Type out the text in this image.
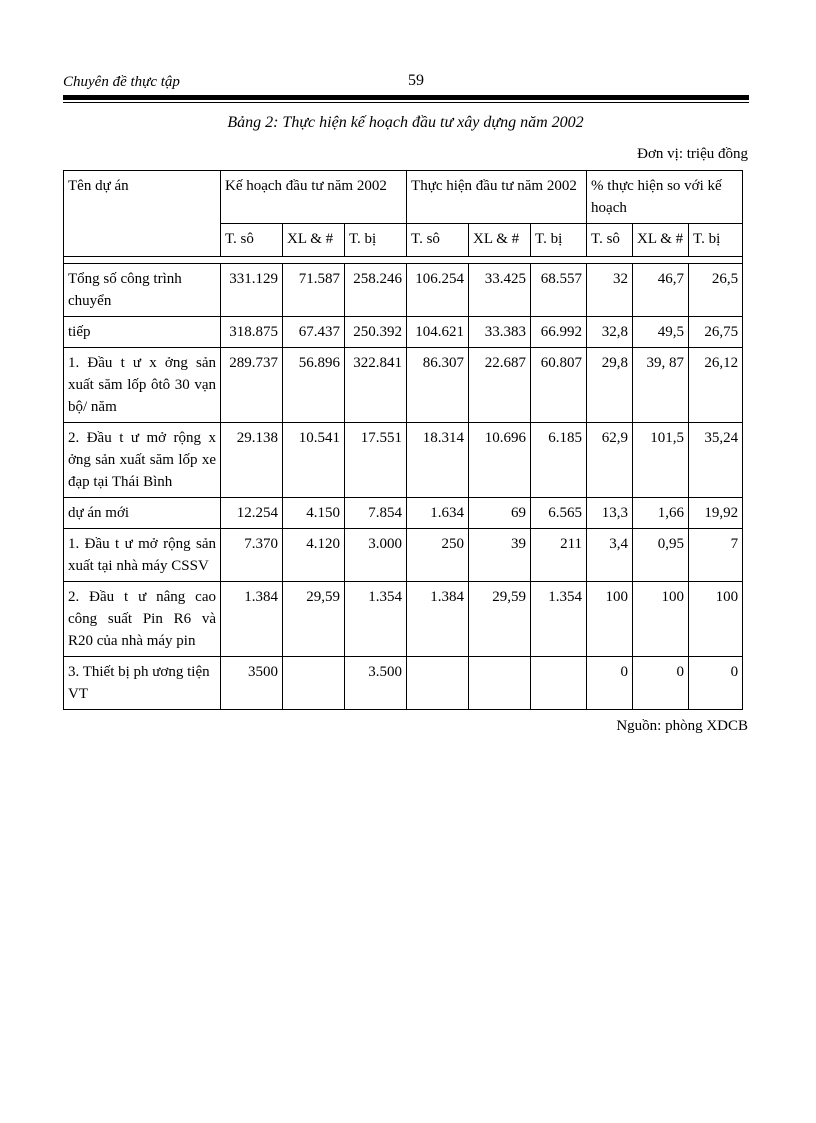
Chuyên đề thực tập	59
Bảng 2: Thực hiện kế hoạch đầu tư xây dựng năm 2002
Đơn vị: triệu đồng
Tên dự án	Kế hoạch đầu tư năm 2002			Thực hiện đầu tư năm 2002			% thực hiện so với kế hoạch		
	T. sô	XL & #	T. bị	T. sô	XL & #	T. bị	T. sô	XL & #	T. bị

Tổng số công trình chuyển	331.129	71.587	258.246	106.254	33.425	68.557	32	46,7	26,5
tiếp	318.875	67.437	250.392	104.621	33.383	66.992	32,8	49,5	26,75
1. Đầu t ư x ởng sản xuất săm lốp ôtô 30 vạn bộ/ năm	289.737	56.896	322.841	86.307	22.687	60.807	29,8	39, 87	26,12
2. Đầu t ư mở rộng x ởng sản xuất săm lốp xe đạp tại Thái Bình	29.138	10.541	17.551	18.314	10.696	6.185	62,9	101,5	35,24
dự án mới	12.254	4.150	7.854	1.634	69	6.565	13,3	1,66	19,92
1. Đầu t ư mở rộng sản xuất tại nhà máy CSSV	7.370	4.120	3.000	250	39	211	3,4	0,95	7
2. Đầu t ư nâng cao công suất Pin R6 và R20 của nhà máy pin	1.384	29,59	1.354	1.384	29,59	1.354	100	100	100
3. Thiết bị ph ương tiện VT	3500		3.500				0	0	0
Nguồn: phòng XDCB
